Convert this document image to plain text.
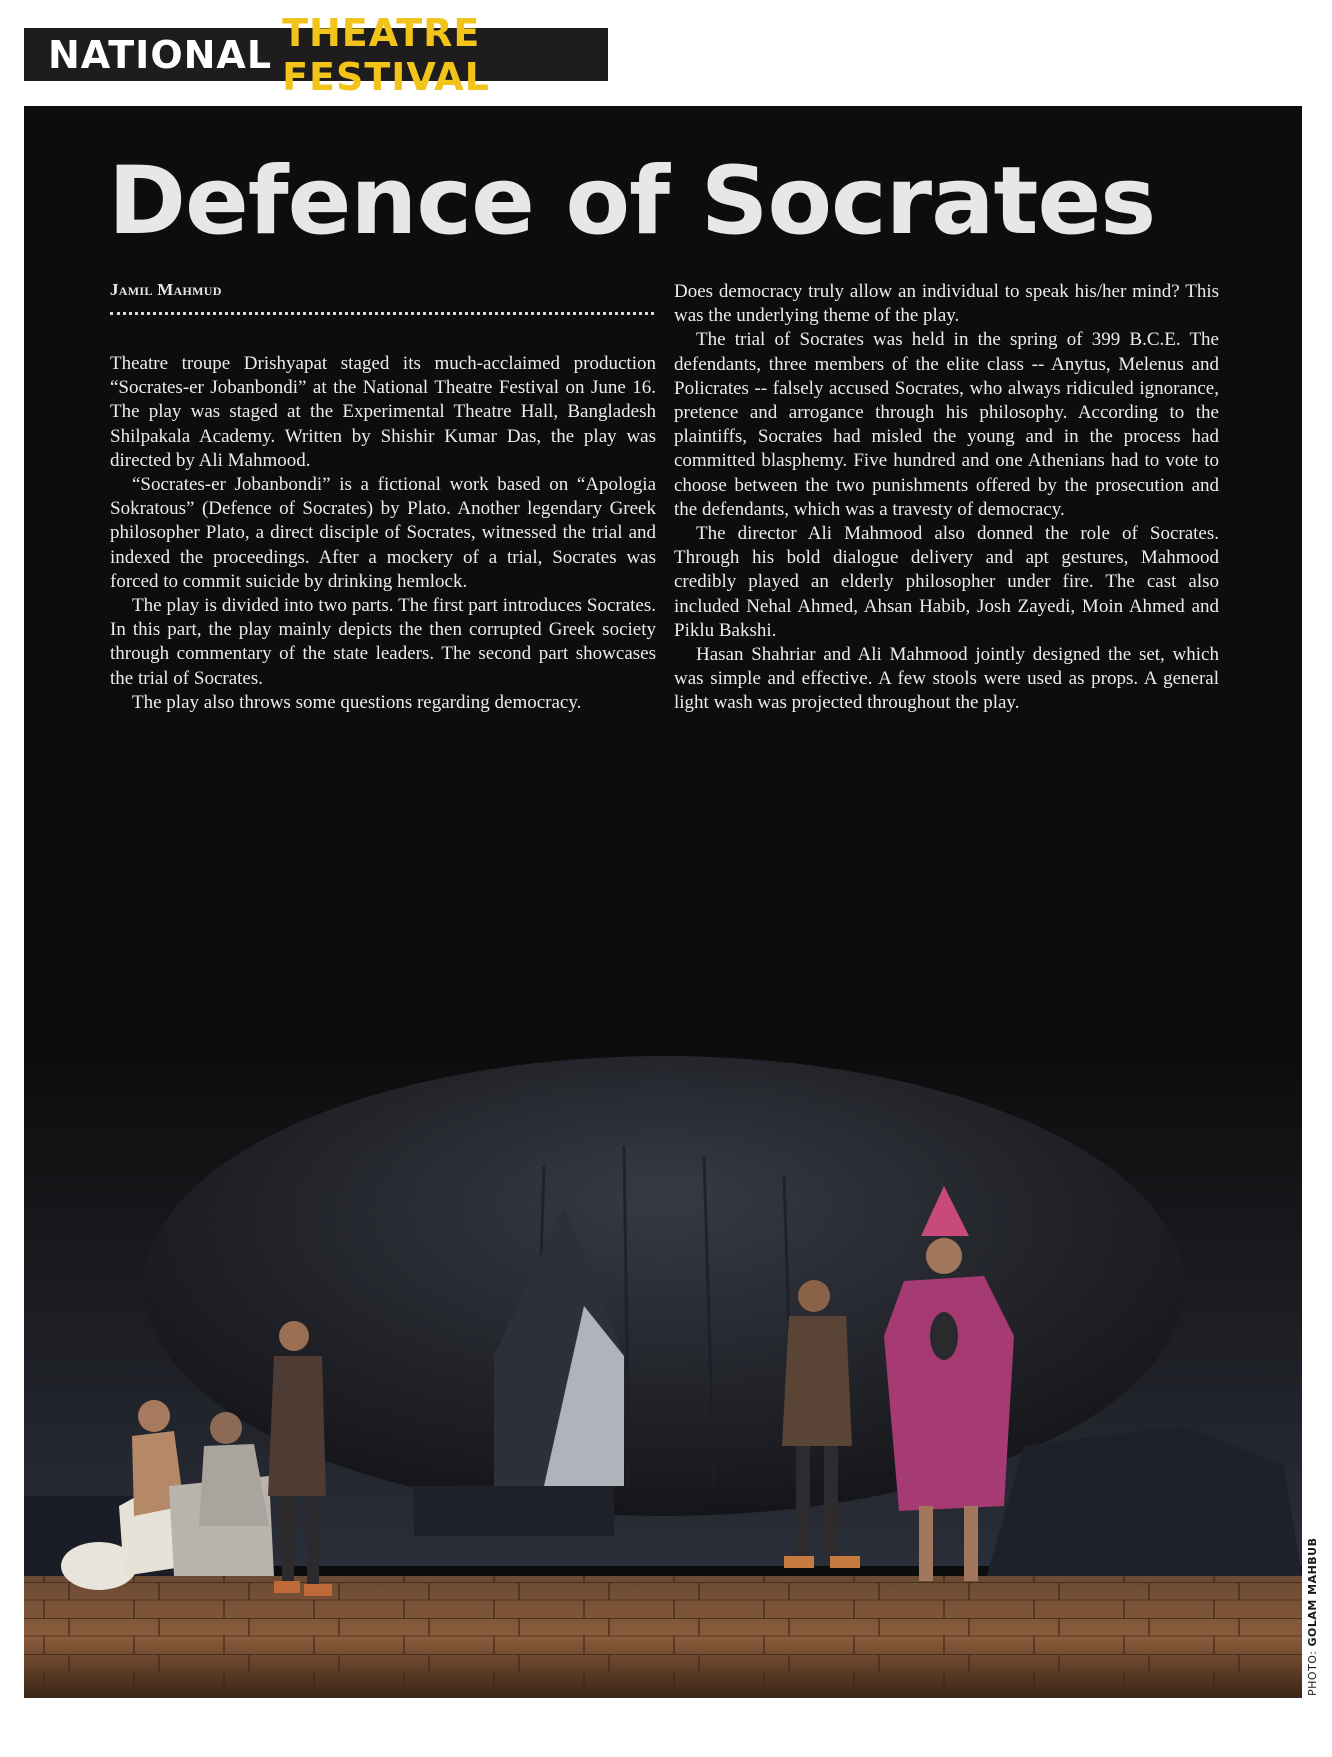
NATIONAL THEATRE FESTIVAL
Defence of Socrates
Jamil Mahmud

Theatre troupe Drishyapat staged its much-acclaimed production “Socrates-er Jobanbondi” at the National Theatre Festival on June 16. The play was staged at the Experimental Theatre Hall, Bangladesh Shilpakala Academy. Written by Shishir Kumar Das, the play was directed by Ali Mahmood.

“Socrates-er Jobanbondi” is a fictional work based on “Apologia Sokratous” (Defence of Socrates) by Plato. Another legendary Greek philosopher Plato, a direct disciple of Socrates, witnessed the trial and indexed the proceedings. After a mockery of a trial, Socrates was forced to commit suicide by drinking hemlock.

The play is divided into two parts. The first part introduces Socrates. In this part, the play mainly depicts the then corrupted Greek society through commentary of the state leaders. The second part showcases the trial of Socrates.

The play also throws some questions regarding democracy.

Does democracy truly allow an individual to speak his/her mind? This was the underlying theme of the play.

The trial of Socrates was held in the spring of 399 B.C.E. The defendants, three members of the elite class -- Anytus, Melenus and Policrates -- falsely accused Socrates, who always ridiculed ignorance, pretence and arrogance through his philosophy. According to the plaintiffs, Socrates had misled the young and in the process had committed blasphemy. Five hundred and one Athenians had to vote to choose between the two punishments offered by the prosecution and the defendants, which was a travesty of democracy.

The director Ali Mahmood also donned the role of Socrates. Through his bold dialogue delivery and apt gestures, Mahmood credibly played an elderly philosopher under fire. The cast also included Nehal Ahmed, Ahsan Habib, Josh Zayedi, Moin Ahmed and Piklu Bakshi.

Hasan Shahriar and Ali Mahmood jointly designed the set, which was simple and effective. A few stools were used as props. A general light wash was projected throughout the play.

PHOTO: GOLAM MAHBUB
